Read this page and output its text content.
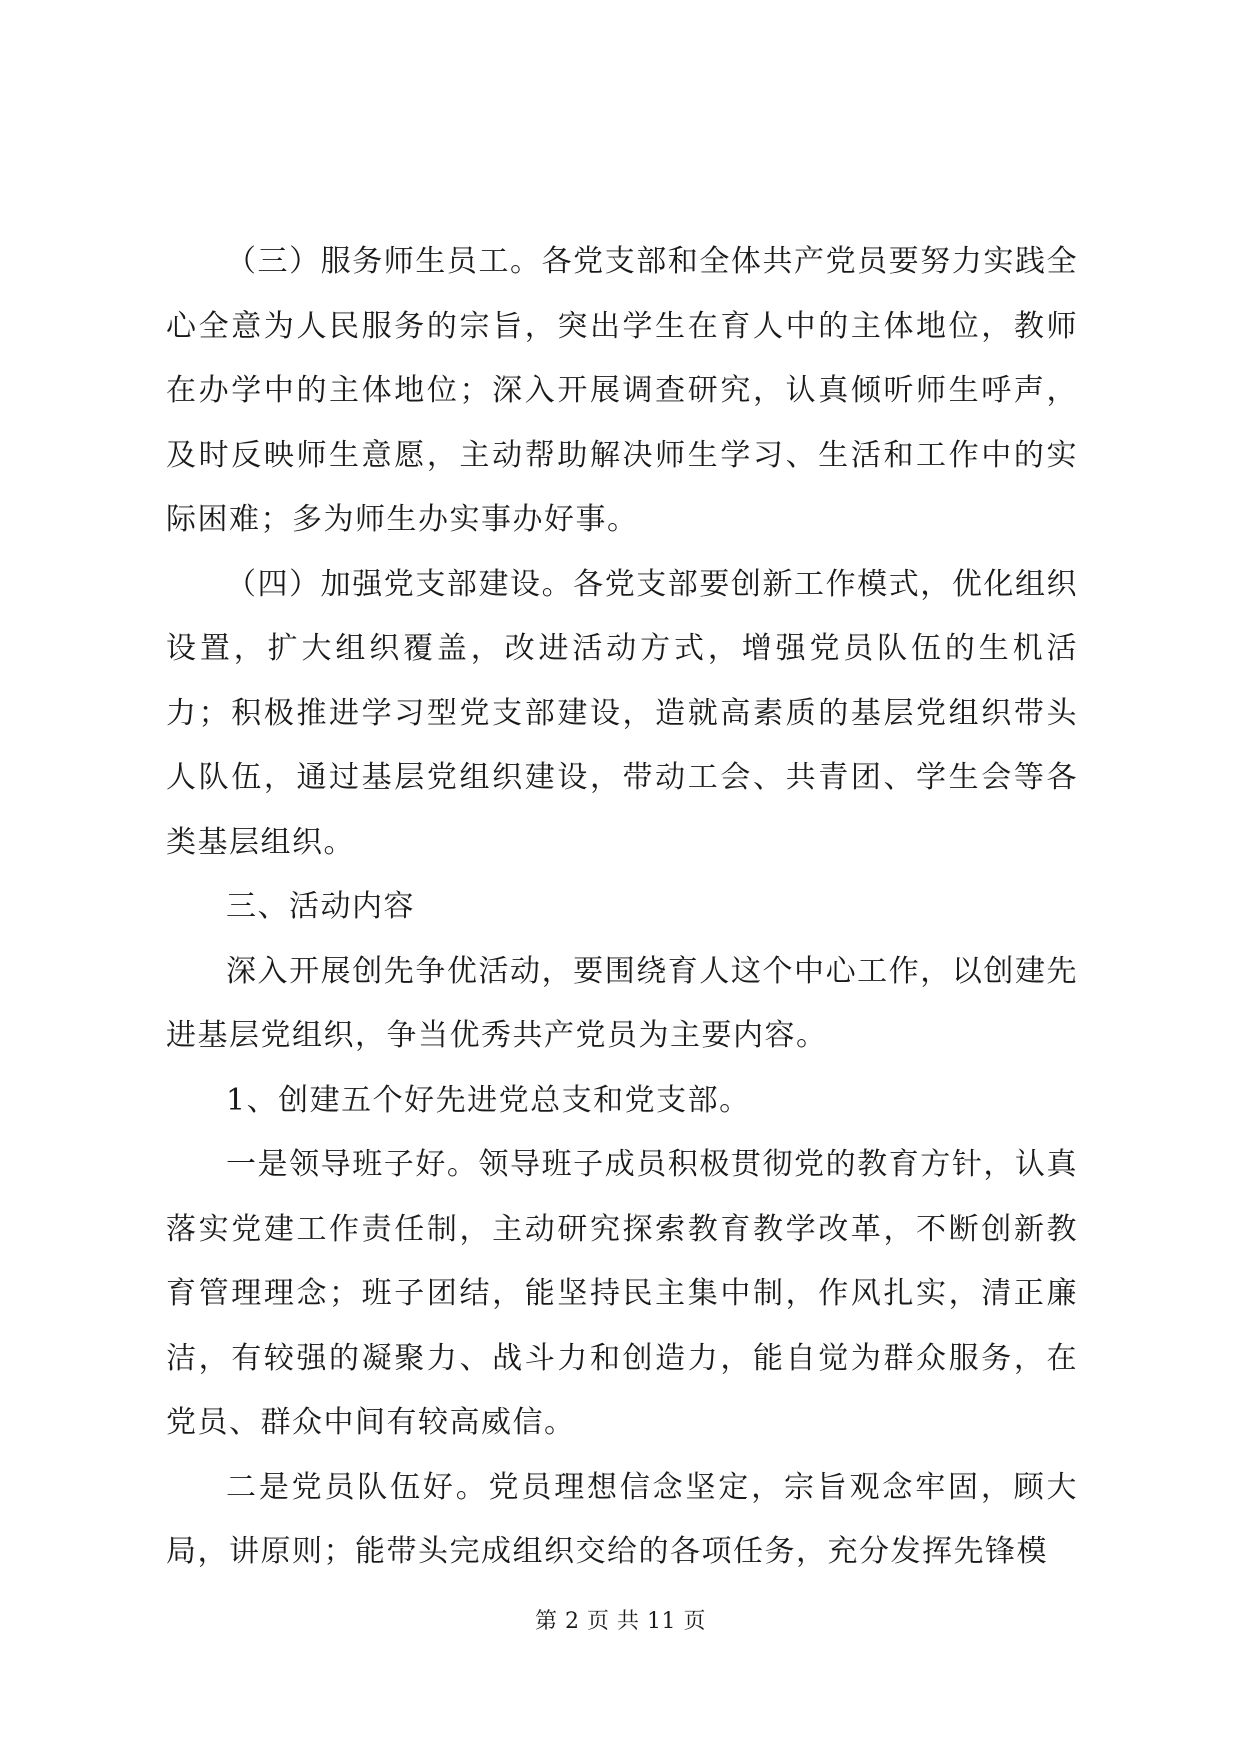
（三）服务师生员工。各党支部和全体共产党员要努力实践全心全意为人民服务的宗旨，突出学生在育人中的主体地位，教师在办学中的主体地位；深入开展调查研究，认真倾听师生呼声，及时反映师生意愿，主动帮助解决师生学习、生活和工作中的实际困难；多为师生办实事办好事。

（四）加强党支部建设。各党支部要创新工作模式，优化组织设置，扩大组织覆盖，改进活动方式，增强党员队伍的生机活力；积极推进学习型党支部建设，造就高素质的基层党组织带头人队伍，通过基层党组织建设，带动工会、共青团、学生会等各类基层组织。

三、活动内容

深入开展创先争优活动，要围绕育人这个中心工作，以创建先进基层党组织，争当优秀共产党员为主要内容。

1、创建五个好先进党总支和党支部。

一是领导班子好。领导班子成员积极贯彻党的教育方针，认真落实党建工作责任制，主动研究探索教育教学改革，不断创新教育管理理念；班子团结，能坚持民主集中制，作风扎实，清正廉洁，有较强的凝聚力、战斗力和创造力，能自觉为群众服务，在党员、群众中间有较高威信。

二是党员队伍好。党员理想信念坚定，宗旨观念牢固，顾大局，讲原则；能带头完成组织交给的各项任务，充分发挥先锋模

第 2 页 共 11 页
